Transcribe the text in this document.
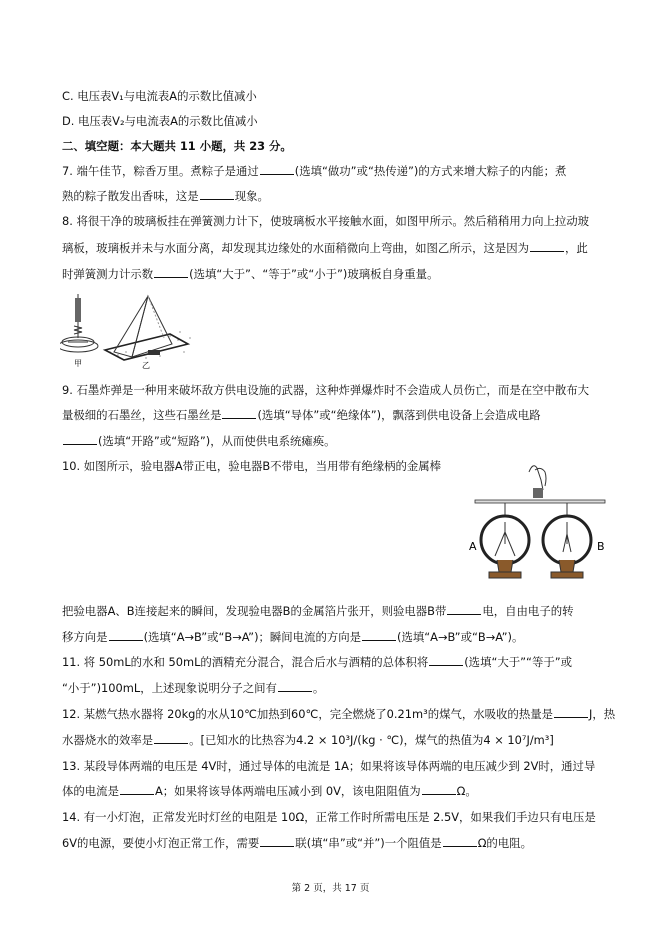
C. 电压表V₁与电流表A的示数比值减小
D. 电压表V₂与电流表A的示数比值减小
二、填空题：本大题共 11 小题，共 23 分。
7. 端午佳节，粽香万里。煮粽子是通过	(选填“做功”或“热传递”)的方式来增大粽子的内能；煮
熟的粽子散发出香味，这是	现象。
8. 将很干净的玻璃板挂在弹簧测力计下，使玻璃板水平接触水面，如图甲所示。然后稍稍用力向上拉动玻
璃板，玻璃板并未与水面分离，却发现其边缘处的水面稍微向上弯曲，如图乙所示，这是因为	，此
时弹簧测力计示数	(选填“大于”、“等于”或“小于”)玻璃板自身重量。
甲	乙
9. 石墨炸弹是一种用来破坏敌方供电设施的武器，这种炸弹爆炸时不会造成人员伤亡，而是在空中散布大
量极细的石墨丝，这些石墨丝是	(选填“导体”或“绝缘体”)，飘落到供电设备上会造成电路
(选填“开路”或“短路”)，从而使供电系统瘫痪。
10. 如图所示，验电器A带正电，验电器B不带电，当用带有绝缘柄的金属棒
A	B
把验电器A、B连接起来的瞬间，发现验电器B的金属箔片张开，则验电器B带	电，自由电子的转
移方向是	(选填“A→B”或“B→A”)；瞬间电流的方向是	(选填“A→B”或“B→A”)。
11. 将 50mL的水和 50mL的酒精充分混合，混合后水与酒精的总体积将	(选填“大于”“等于”或
“小于”)100mL，上述现象说明分子之间有	。
12. 某燃气热水器将 20kg的水从10℃加热到60℃，完全燃烧了0.21m³的煤气，水吸收的热量是	J，热
水器烧水的效率是	。[已知水的比热容为4.2 × 10³J/(kg · ℃)，煤气的热值为4 × 10⁷J/m³]
13. 某段导体两端的电压是 4V时，通过导体的电流是 1A；如果将该导体两端的电压减少到 2V时，通过导
体的电流是	A；如果将该导体两端电压减小到 0V，该电阻阻值为	Ω。
14. 有一小灯泡，正常发光时灯丝的电阻是 10Ω，正常工作时所需电压是 2.5V，如果我们手边只有电压是
6V的电源，要使小灯泡正常工作，需要	联(填“串”或“并”)一个阻值是	Ω的电阻。
第 2 页，共 17 页
